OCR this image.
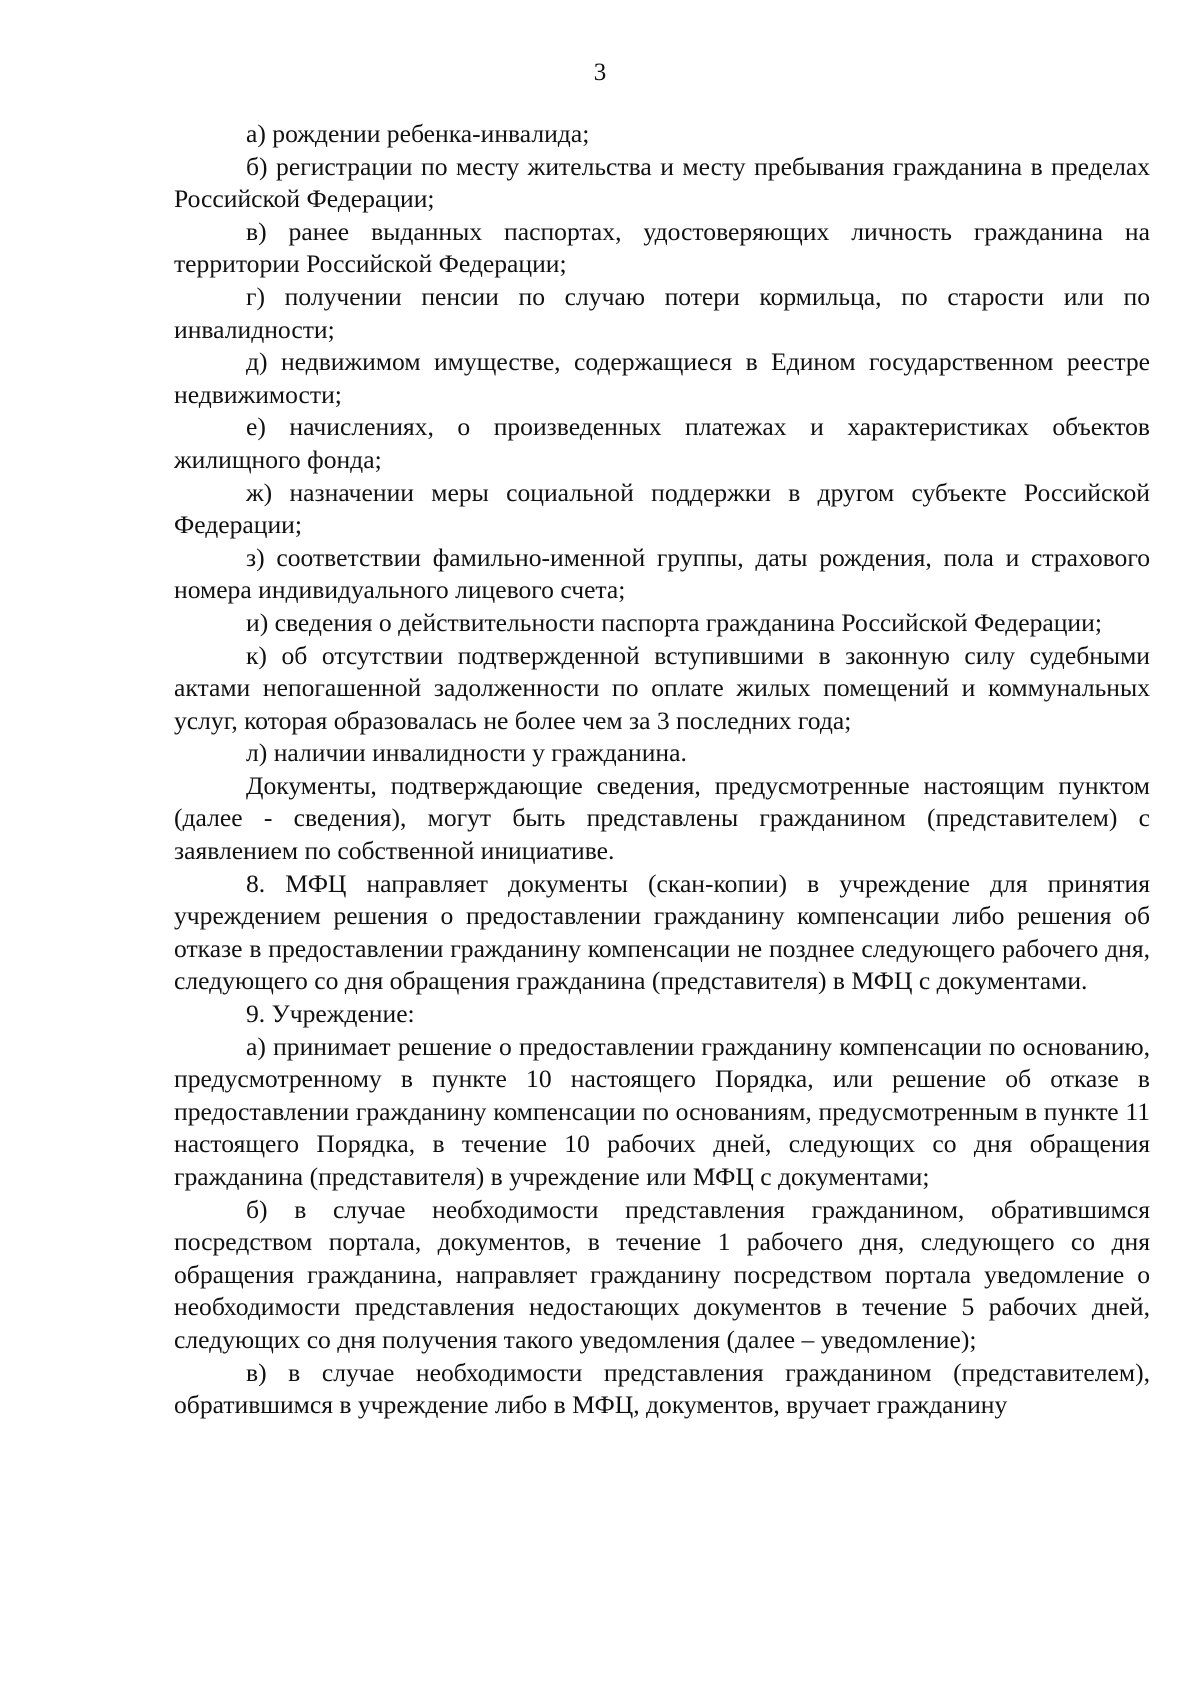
3

а) рождении ребенка-инвалида;

б) регистрации по месту жительства и месту пребывания гражданина в пределах Российской Федерации;

в) ранее выданных паспортах, удостоверяющих личность гражданина на территории Российской Федерации;

г) получении пенсии по случаю потери кормильца, по старости или по инвалидности;

д) недвижимом имуществе, содержащиеся в Едином государственном реестре недвижимости;

е) начислениях, о произведенных платежах и характеристиках объектов жилищного фонда;

ж) назначении меры социальной поддержки в другом субъекте Российской Федерации;

з) соответствии фамильно-именной группы, даты рождения, пола и страхового номера индивидуального лицевого счета;

и) сведения о действительности паспорта гражданина Российской Федерации;

к) об отсутствии подтвержденной вступившими в законную силу судебными актами непогашенной задолженности по оплате жилых помещений и коммунальных услуг, которая образовалась не более чем за 3 последних года;

л) наличии инвалидности у гражданина.

Документы, подтверждающие сведения, предусмотренные настоящим пунктом (далее - сведения), могут быть представлены гражданином (представителем) с заявлением по собственной инициативе.

8. МФЦ направляет документы (скан-копии) в учреждение для принятия учреждением решения о предоставлении гражданину компенсации либо решения об отказе в предоставлении гражданину компенсации не позднее следующего рабочего дня, следующего со дня обращения гражданина (представителя) в МФЦ с документами.

9. Учреждение:

а) принимает решение о предоставлении гражданину компенсации по основанию, предусмотренному в пункте 10 настоящего Порядка, или решение об отказе в предоставлении гражданину компенсации по основаниям, предусмотренным в пункте 11 настоящего Порядка, в течение 10 рабочих дней, следующих со дня обращения гражданина (представителя) в учреждение или МФЦ с документами;

б) в случае необходимости представления гражданином, обратившимся посредством портала, документов, в течение 1 рабочего дня, следующего со дня обращения гражданина, направляет гражданину посредством портала уведомление о необходимости представления недостающих документов в течение 5 рабочих дней, следующих со дня получения такого уведомления (далее – уведомление);

в) в случае необходимости представления гражданином (представителем), обратившимся в учреждение либо в МФЦ, документов, вручает гражданину
